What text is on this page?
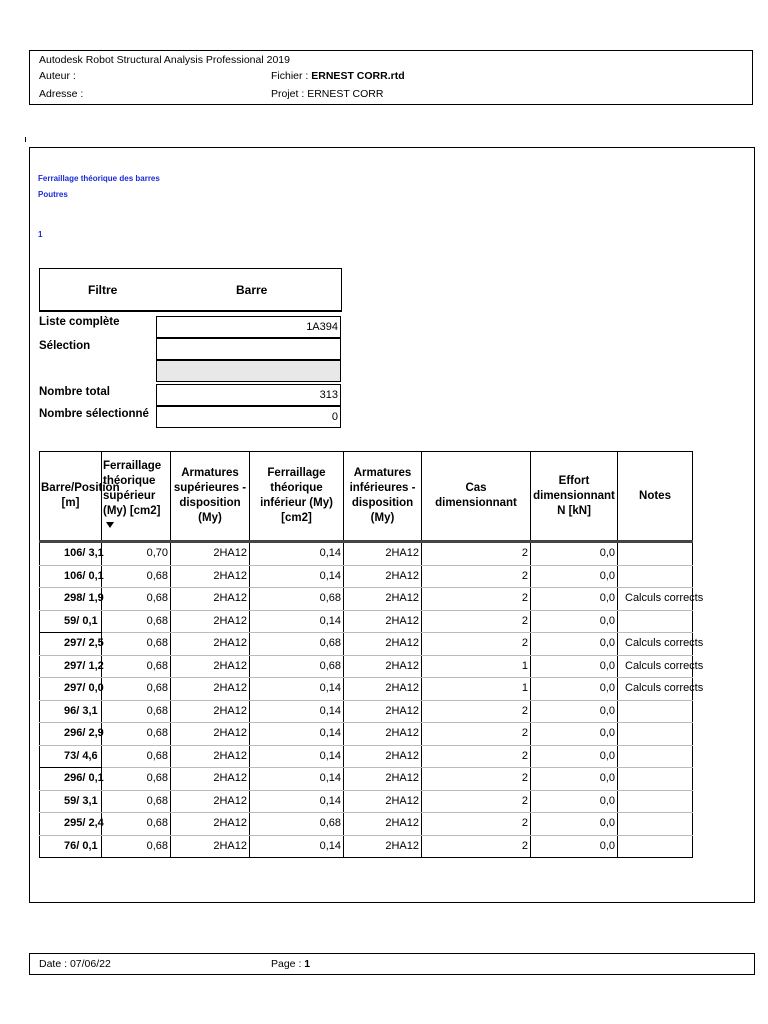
Autodesk Robot Structural Analysis Professional 2019
Auteur :
Adresse :
Fichier : ERNEST CORR.rtd
Projet : ERNEST CORR
Ferraillage théorique des barres
Poutres
1
Filtre	Barre
Liste complète	1A394
Sélection
Nombre total	313
Nombre sélectionné	0
Barre/Position [m]	Ferraillage théorique supérieur (My) [cm2]	Armatures supérieures - disposition (My)	Ferraillage théorique inférieur (My) [cm2]	Armatures inférieures - disposition (My)	Cas dimensionnant	Effort dimensionnant N [kN]	Notes
106/ 3,1	0,70	2HA12	0,14	2HA12	2	0,0	
106/ 0,1	0,68	2HA12	0,14	2HA12	2	0,0	
298/ 1,9	0,68	2HA12	0,68	2HA12	2	0,0	Calculs corrects
59/ 0,1	0,68	2HA12	0,14	2HA12	2	0,0	
297/ 2,5	0,68	2HA12	0,68	2HA12	2	0,0	Calculs corrects
297/ 1,2	0,68	2HA12	0,68	2HA12	1	0,0	Calculs corrects
297/ 0,0	0,68	2HA12	0,14	2HA12	1	0,0	Calculs corrects
96/ 3,1	0,68	2HA12	0,14	2HA12	2	0,0	
296/ 2,9	0,68	2HA12	0,14	2HA12	2	0,0	
73/ 4,6	0,68	2HA12	0,14	2HA12	2	0,0	
296/ 0,1	0,68	2HA12	0,14	2HA12	2	0,0	
59/ 3,1	0,68	2HA12	0,14	2HA12	2	0,0	
295/ 2,4	0,68	2HA12	0,68	2HA12	2	0,0	
76/ 0,1	0,68	2HA12	0,14	2HA12	2	0,0	
Date : 07/06/22	Page : 1
